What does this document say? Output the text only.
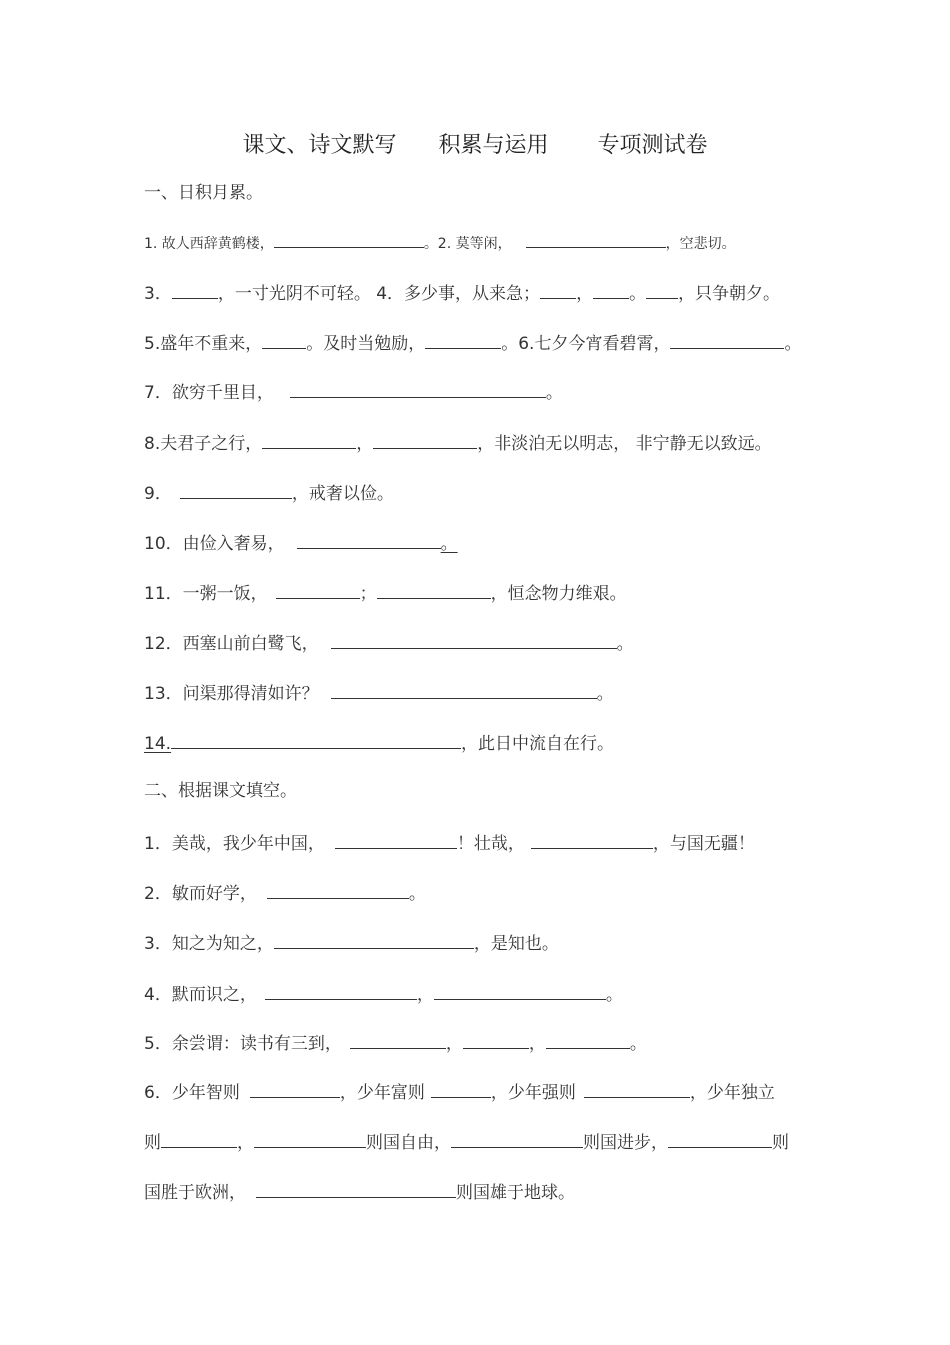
课文、诗文默写      积累与运用       专项测试卷
一、日积月累。
1. 故人西辞黄鹤楼，	。2. 莫等闲，	，空悲切。
3．	，一寸光阴不可轻。 4．多少事，从来急； ， 。 ，只争朝夕。
5.盛年不重来，	。及时当勉励，	。6.七夕今宵看碧霄，	。
7．欲穷千里目，	。
8.夫君子之行，	，	，非淡泊无以明志， 非宁静无以致远。
9．	，戒奢以俭。
10．由俭入奢易，	。
11．一粥一饭，	；	，恒念物力维艰。
12．西塞山前白鹭飞，	。
13．问渠那得清如许？	。
14.	，此日中流自在行。
二、根据课文填空。
1．美哉，我少年中国，	！壮哉，	，与国无疆！
2．敏而好学，	。
3．知之为知之，	，是知也。
4．默而识之，	，	。
5．余尝谓：读书有三到，	，	，	。
6．少年智则	，少年富则	，少年强则	，少年独立
则	，	则国自由，	则国进步，	则
国胜于欧洲，	则国雄于地球。
